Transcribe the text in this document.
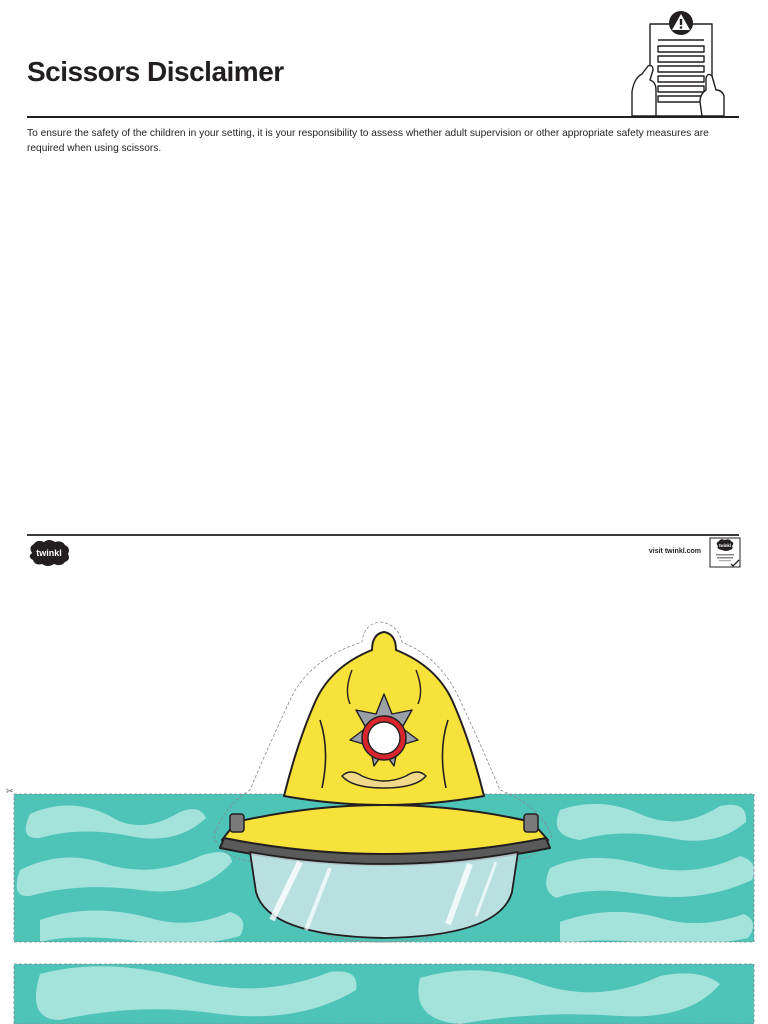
Scissors Disclaimer

To ensure the safety of the children in your setting, it is your responsibility to assess whether adult supervision or other appropriate safety measures are required when using scissors.

twinkl	visit twinkl.com
twinkl
✂
